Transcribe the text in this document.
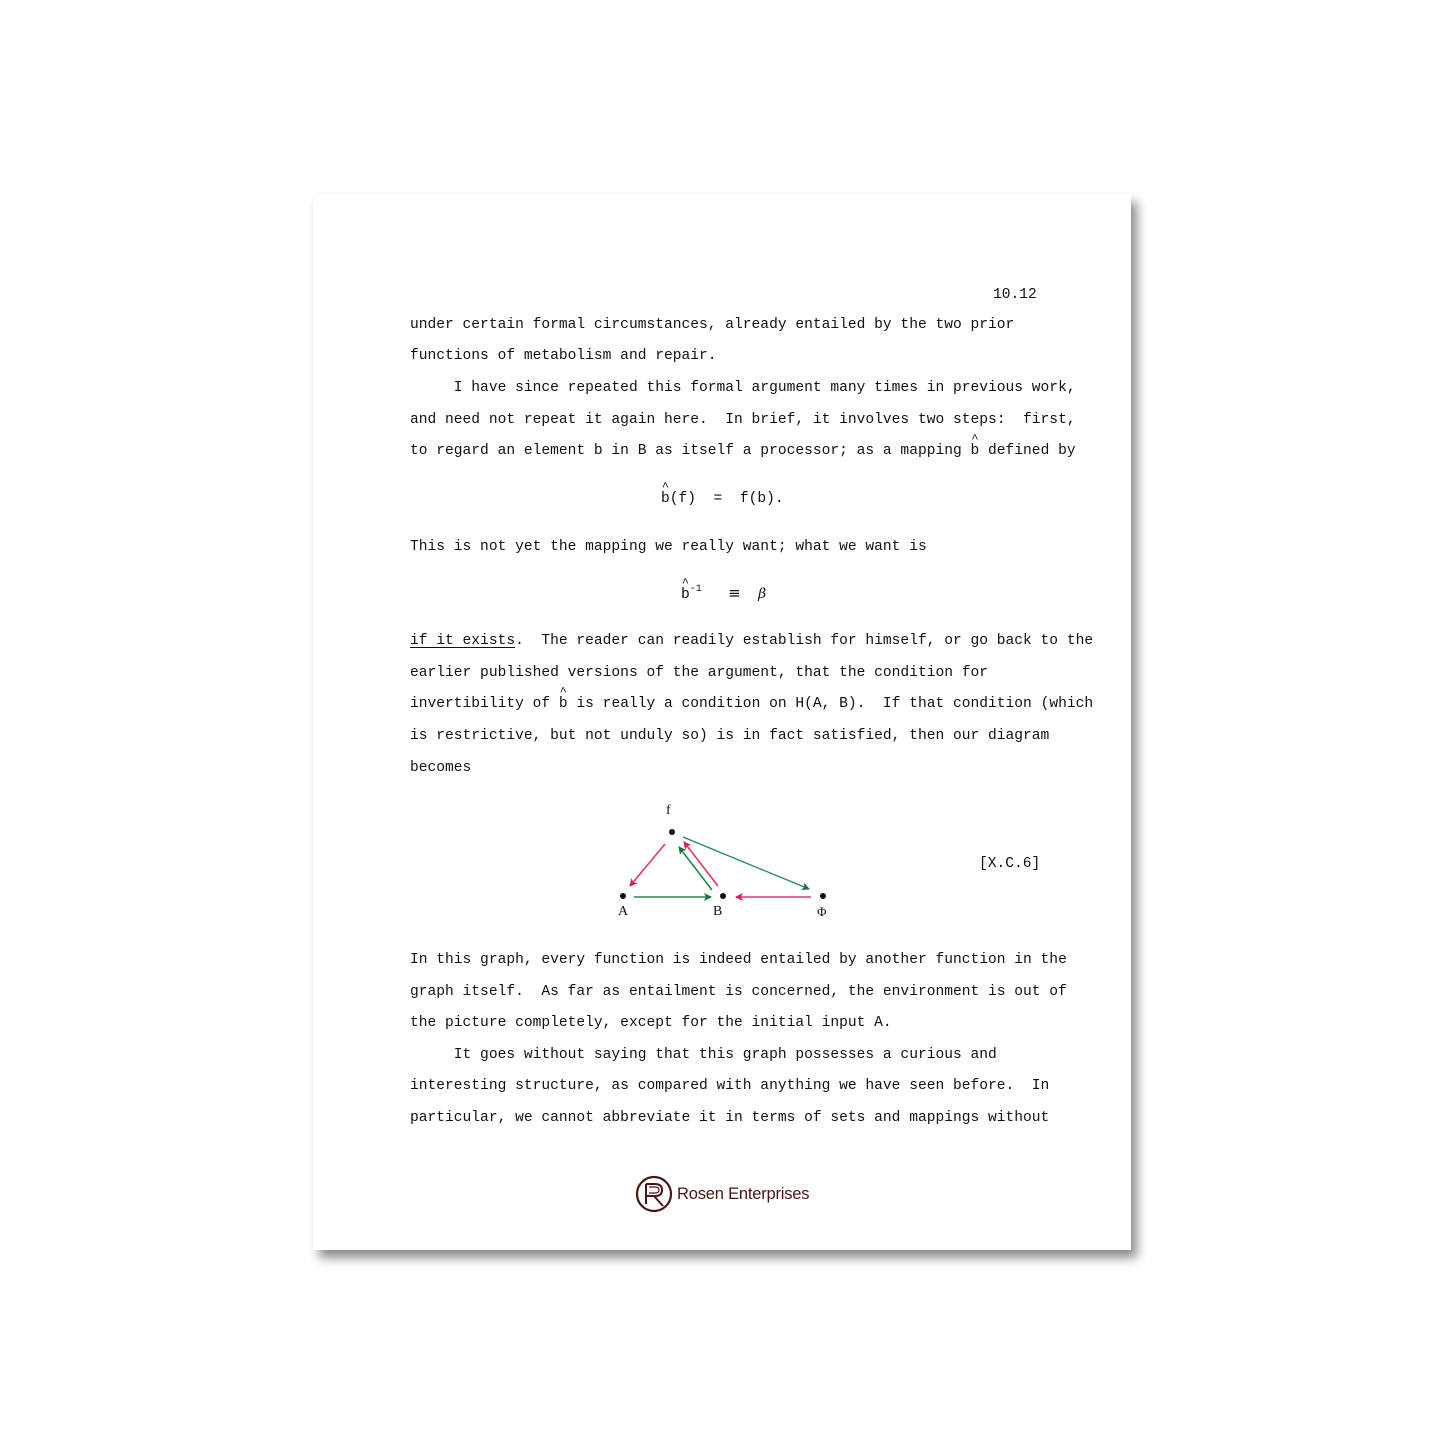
10.12
under certain formal circumstances, already entailed by the two prior
functions of metabolism and repair.
I have since repeated this formal argument many times in previous work,
and need not repeat it again here.  In brief, it involves two steps:  first,
to regard an element b in B as itself a processor; as a mapping
^
b defined by
^
b(f)  =  f(b).
This is not yet the mapping we really want; what we want is
^
$b^{-1} \equiv \beta$
if it exists.  The reader can readily establish for himself, or go back to the
earlier published versions of the argument, that the condition for
invertibility of
^
b is really a condition on H(A, B).  If that condition (which
is restrictive, but not unduly so) is in fact satisfied, then our diagram
becomes
f
A	B	Φ
[X.C.6]
In this graph, every function is indeed entailed by another function in the
graph itself.  As far as entailment is concerned, the environment is out of
the picture completely, except for the initial input A.
It goes without saying that this graph possesses a curious and
interesting structure, as compared with anything we have seen before.  In
particular, we cannot abbreviate it in terms of sets and mappings without
Rosen Enterprises
